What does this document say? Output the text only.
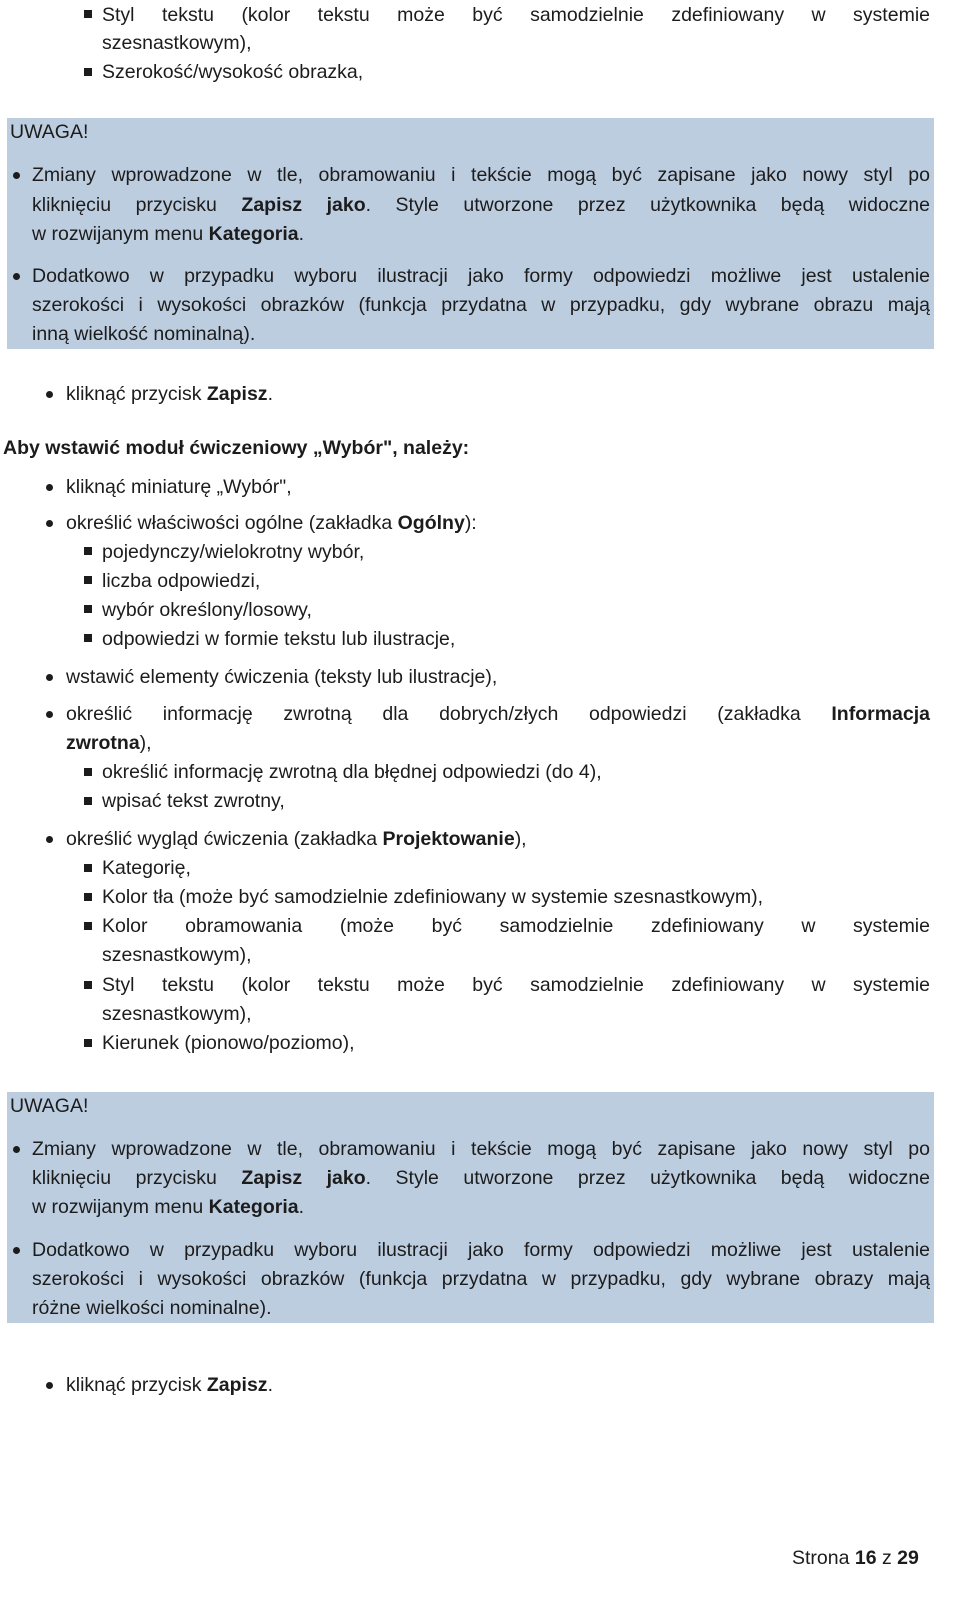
Styl tekstu (kolor tekstu może być samodzielnie zdefiniowany w systemie
szesnastkowym),
Szerokość/wysokość obrazka,
UWAGA!
Zmiany wprowadzone w tle, obramowaniu i tekście mogą być zapisane jako nowy styl po
kliknięciu przycisku Zapisz jako. Style utworzone przez użytkownika będą widoczne
w rozwijanym menu Kategoria.
Dodatkowo w przypadku wyboru ilustracji jako formy odpowiedzi możliwe jest ustalenie
szerokości i wysokości obrazków (funkcja przydatna w przypadku, gdy wybrane obrazu mają
inną wielkość nominalną).
kliknąć przycisk Zapisz.
Aby wstawić moduł ćwiczeniowy „Wybór", należy:
kliknąć miniaturę „Wybór",
określić właściwości ogólne (zakładka Ogólny):
pojedynczy/wielokrotny wybór,
liczba odpowiedzi,
wybór określony/losowy,
odpowiedzi w formie tekstu lub ilustracje,
wstawić elementy ćwiczenia (teksty lub ilustracje),
określić informację zwrotną dla dobrych/złych odpowiedzi (zakładka Informacja
zwrotna),
określić informację zwrotną dla błędnej odpowiedzi (do 4),
wpisać tekst zwrotny,
określić wygląd ćwiczenia (zakładka Projektowanie),
Kategorię,
Kolor tła (może być samodzielnie zdefiniowany w systemie szesnastkowym),
Kolor obramowania (może być samodzielnie zdefiniowany w systemie
szesnastkowym),
Styl tekstu (kolor tekstu może być samodzielnie zdefiniowany w systemie
szesnastkowym),
Kierunek (pionowo/poziomo),
UWAGA!
Zmiany wprowadzone w tle, obramowaniu i tekście mogą być zapisane jako nowy styl po
kliknięciu przycisku Zapisz jako. Style utworzone przez użytkownika będą widoczne
w rozwijanym menu Kategoria.
Dodatkowo w przypadku wyboru ilustracji jako formy odpowiedzi możliwe jest ustalenie
szerokości i wysokości obrazków (funkcja przydatna w przypadku, gdy wybrane obrazy mają
różne wielkości nominalne).
kliknąć przycisk Zapisz.
Strona 16 z 29
